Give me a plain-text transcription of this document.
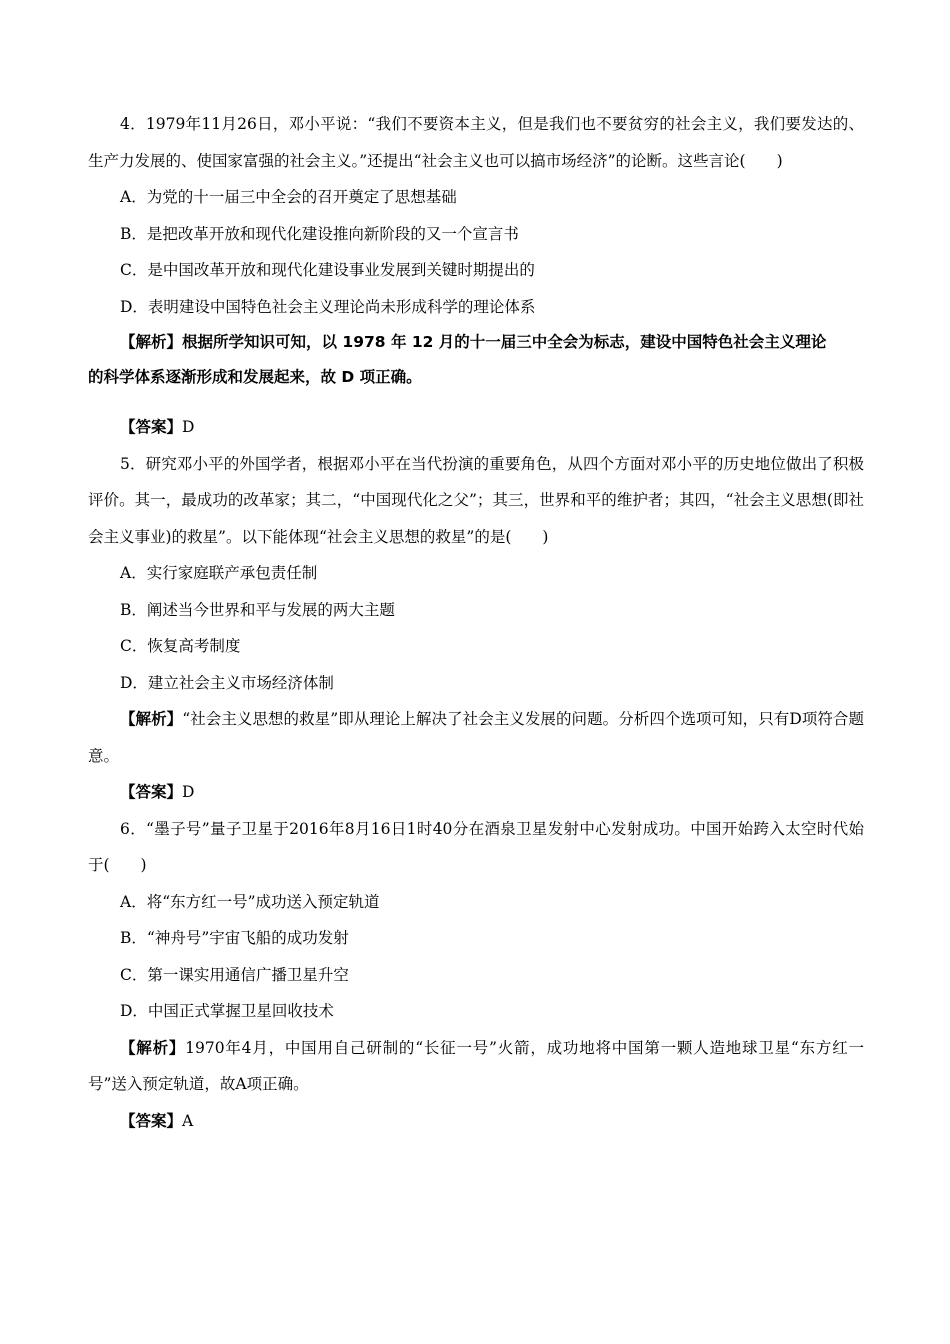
4．1979年11月26日，邓小平说：“我们不要资本主义，但是我们也不要贫穷的社会主义，我们要发达的、生产力发展的、使国家富强的社会主义。”还提出“社会主义也可以搞市场经济”的论断。这些言论(　　)
A．为党的十一届三中全会的召开奠定了思想基础
B．是把改革开放和现代化建设推向新阶段的又一个宣言书
C．是中国改革开放和现代化建设事业发展到关键时期提出的
D．表明建设中国特色社会主义理论尚未形成科学的理论体系
【解析】根据所学知识可知，以 1978 年 12 月的十一届三中全会为标志，建设中国特色社会主义理论
的科学体系逐渐形成和发展起来，故 D 项正确。
【答案】D
5．研究邓小平的外国学者，根据邓小平在当代扮演的重要角色，从四个方面对邓小平的历史地位做出了积极评价。其一，最成功的改革家；其二，“中国现代化之父”；其三，世界和平的维护者；其四，“社会主义思想(即社会主义事业)的救星”。以下能体现“社会主义思想的救星”的是(　　)
A．实行家庭联产承包责任制
B．阐述当今世界和平与发展的两大主题
C．恢复高考制度
D．建立社会主义市场经济体制
【解析】“社会主义思想的救星”即从理论上解决了社会主义发展的问题。分析四个选项可知，只有D项符合题意。
【答案】D
6．“墨子号”量子卫星于2016年8月16日1时40分在酒泉卫星发射中心发射成功。中国开始跨入太空时代始于(　　)
A．将“东方红一号”成功送入预定轨道
B．“神舟号”宇宙飞船的成功发射
C．第一课实用通信广播卫星升空
D．中国正式掌握卫星回收技术
【解析】1970年4月，中国用自己研制的“长征一号”火箭，成功地将中国第一颗人造地球卫星“东方红一号”送入预定轨道，故A项正确。
【答案】A
